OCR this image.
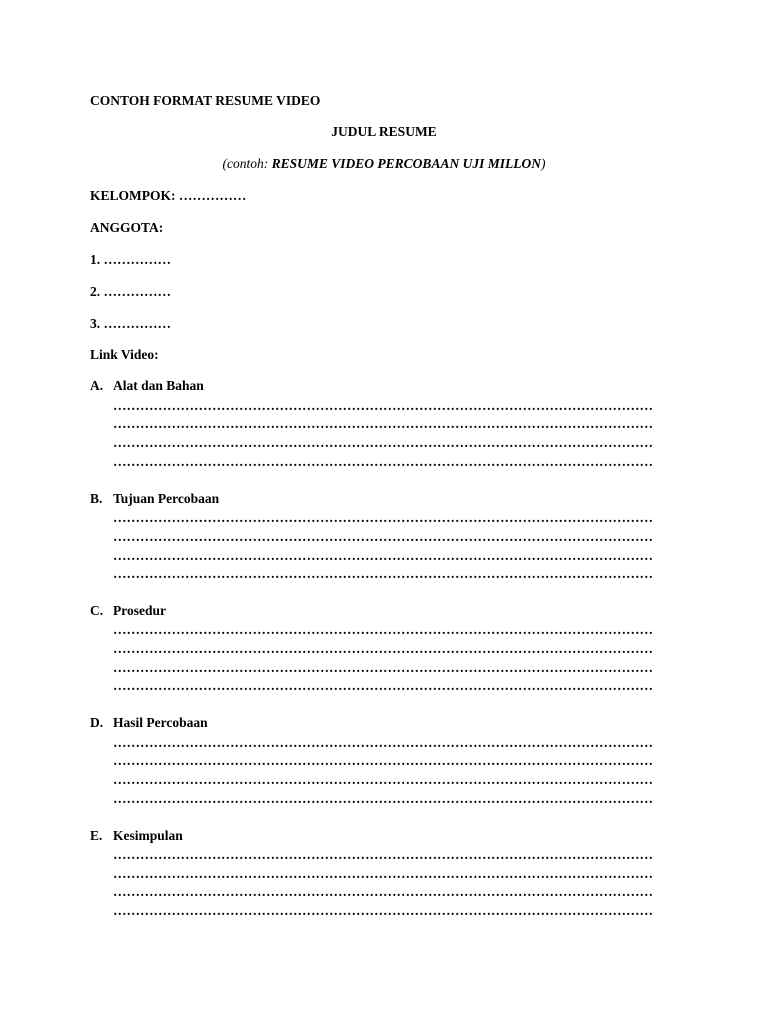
CONTOH FORMAT RESUME VIDEO
JUDUL RESUME
(contoh: RESUME VIDEO PERCOBAAN UJI MILLON)
KELOMPOK: ……………
ANGGOTA:
1. ……………
2. ……………
3. ……………
Link Video:
A. Alat dan Bahan
…………………………………………………………………………………………………………
…………………………………………………………………………………………………………
…………………………………………………………………………………………………………
…………………………………………………………………………………………………………
B. Tujuan Percobaan
…………………………………………………………………………………………………………
…………………………………………………………………………………………………………
…………………………………………………………………………………………………………
…………………………………………………………………………………………………………
C. Prosedur
…………………………………………………………………………………………………………
…………………………………………………………………………………………………………
…………………………………………………………………………………………………………
…………………………………………………………………………………………………………
D. Hasil Percobaan
…………………………………………………………………………………………………………
…………………………………………………………………………………………………………
…………………………………………………………………………………………………………
…………………………………………………………………………………………………………
E. Kesimpulan
…………………………………………………………………………………………………………
…………………………………………………………………………………………………………
…………………………………………………………………………………………………………
…………………………………………………………………………………………………………
